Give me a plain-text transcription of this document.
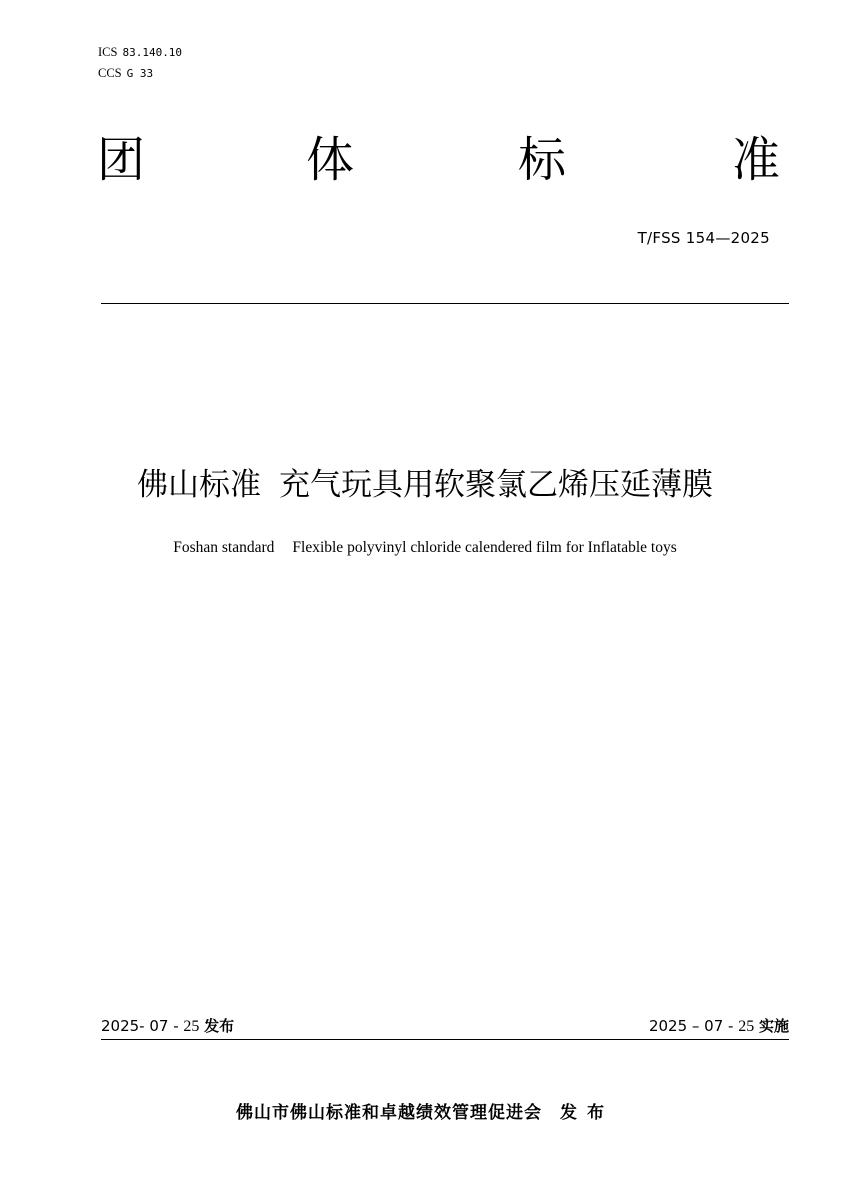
ICS 83.140.10
CCS G 33
团	体	标	准
T/FSS 154—2025
佛山标准 充气玩具用软聚氯乙烯压延薄膜
Foshan standard Flexible polyvinyl chloride calendered film for Inflatable toys
2025- 07 - 25 发布	2025 – 07 - 25 实施
佛山市佛山标准和卓越绩效管理促进会 发布
